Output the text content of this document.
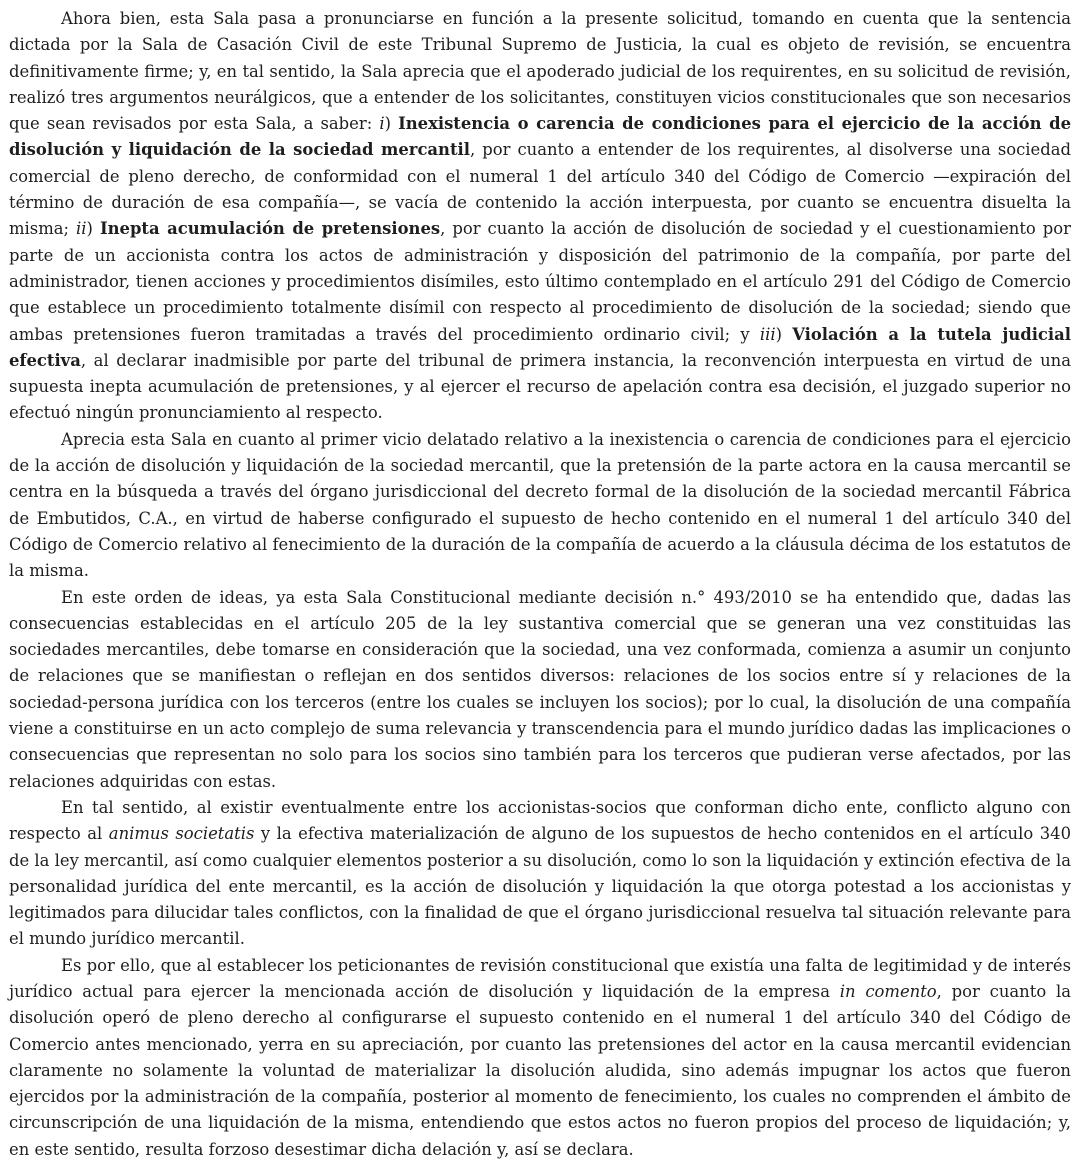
Ahora bien, esta Sala pasa a pronunciarse en función a la presente solicitud, tomando en cuenta que la sentencia dictada por la Sala de Casación Civil de este Tribunal Supremo de Justicia, la cual es objeto de revisión, se encuentra definitivamente firme; y, en tal sentido, la Sala aprecia que el apoderado judicial de los requirentes, en su solicitud de revisión, realizó tres argumentos neurálgicos, que a entender de los solicitantes, constituyen vicios constitucionales que son necesarios que sean revisados por esta Sala, a saber: i) Inexistencia o carencia de condiciones para el ejercicio de la acción de disolución y liquidación de la sociedad mercantil, por cuanto a entender de los requirentes, al disolverse una sociedad comercial de pleno derecho, de conformidad con el numeral 1 del artículo 340 del Código de Comercio —expiración del término de duración de esa compañía—, se vacía de contenido la acción interpuesta, por cuanto se encuentra disuelta la misma; ii) Inepta acumulación de pretensiones, por cuanto la acción de disolución de sociedad y el cuestionamiento por parte de un accionista contra los actos de administración y disposición del patrimonio de la compañía, por parte del administrador, tienen acciones y procedimientos disímiles, esto último contemplado en el artículo 291 del Código de Comercio que establece un procedimiento totalmente disímil con respecto al procedimiento de disolución de la sociedad; siendo que ambas pretensiones fueron tramitadas a través del procedimiento ordinario civil; y iii) Violación a la tutela judicial efectiva, al declarar inadmisible por parte del tribunal de primera instancia, la reconvención interpuesta en virtud de una supuesta inepta acumulación de pretensiones, y al ejercer el recurso de apelación contra esa decisión, el juzgado superior no efectuó ningún pronunciamiento al respecto.

Aprecia esta Sala en cuanto al primer vicio delatado relativo a la inexistencia o carencia de condiciones para el ejercicio de la acción de disolución y liquidación de la sociedad mercantil, que la pretensión de la parte actora en la causa mercantil se centra en la búsqueda a través del órgano jurisdiccional del decreto formal de la disolución de la sociedad mercantil Fábrica de Embutidos, C.A., en virtud de haberse configurado el supuesto de hecho contenido en el numeral 1 del artículo 340 del Código de Comercio relativo al fenecimiento de la duración de la compañía de acuerdo a la cláusula décima de los estatutos de la misma.

En este orden de ideas, ya esta Sala Constitucional mediante decisión n.° 493/2010 se ha entendido que, dadas las consecuencias establecidas en el artículo 205 de la ley sustantiva comercial que se generan una vez constituidas las sociedades mercantiles, debe tomarse en consideración que la sociedad, una vez conformada, comienza a asumir un conjunto de relaciones que se manifiestan o reflejan en dos sentidos diversos: relaciones de los socios entre sí y relaciones de la sociedad-persona jurídica con los terceros (entre los cuales se incluyen los socios); por lo cual, la disolución de una compañía viene a constituirse en un acto complejo de suma relevancia y transcendencia para el mundo jurídico dadas las implicaciones o consecuencias que representan no solo para los socios sino también para los terceros que pudieran verse afectados, por las relaciones adquiridas con estas.

En tal sentido, al existir eventualmente entre los accionistas-socios que conforman dicho ente, conflicto alguno con respecto al animus societatis y la efectiva materialización de alguno de los supuestos de hecho contenidos en el artículo 340 de la ley mercantil, así como cualquier elementos posterior a su disolución, como lo son la liquidación y extinción efectiva de la personalidad jurídica del ente mercantil, es la acción de disolución y liquidación la que otorga potestad a los accionistas y legitimados para dilucidar tales conflictos, con la finalidad de que el órgano jurisdiccional resuelva tal situación relevante para el mundo jurídico mercantil.

Es por ello, que al establecer los peticionantes de revisión constitucional que existía una falta de legitimidad y de interés jurídico actual para ejercer la mencionada acción de disolución y liquidación de la empresa in comento, por cuanto la disolución operó de pleno derecho al configurarse el supuesto contenido en el numeral 1 del artículo 340 del Código de Comercio antes mencionado, yerra en su apreciación, por cuanto las pretensiones del actor en la causa mercantil evidencian claramente no solamente la voluntad de materializar la disolución aludida, sino además impugnar los actos que fueron ejercidos por la administración de la compañía, posterior al momento de fenecimiento, los cuales no comprenden el ámbito de circunscripción de una liquidación de la misma, entendiendo que estos actos no fueron propios del proceso de liquidación; y, en este sentido, resulta forzoso desestimar dicha delación y, así se declara.
